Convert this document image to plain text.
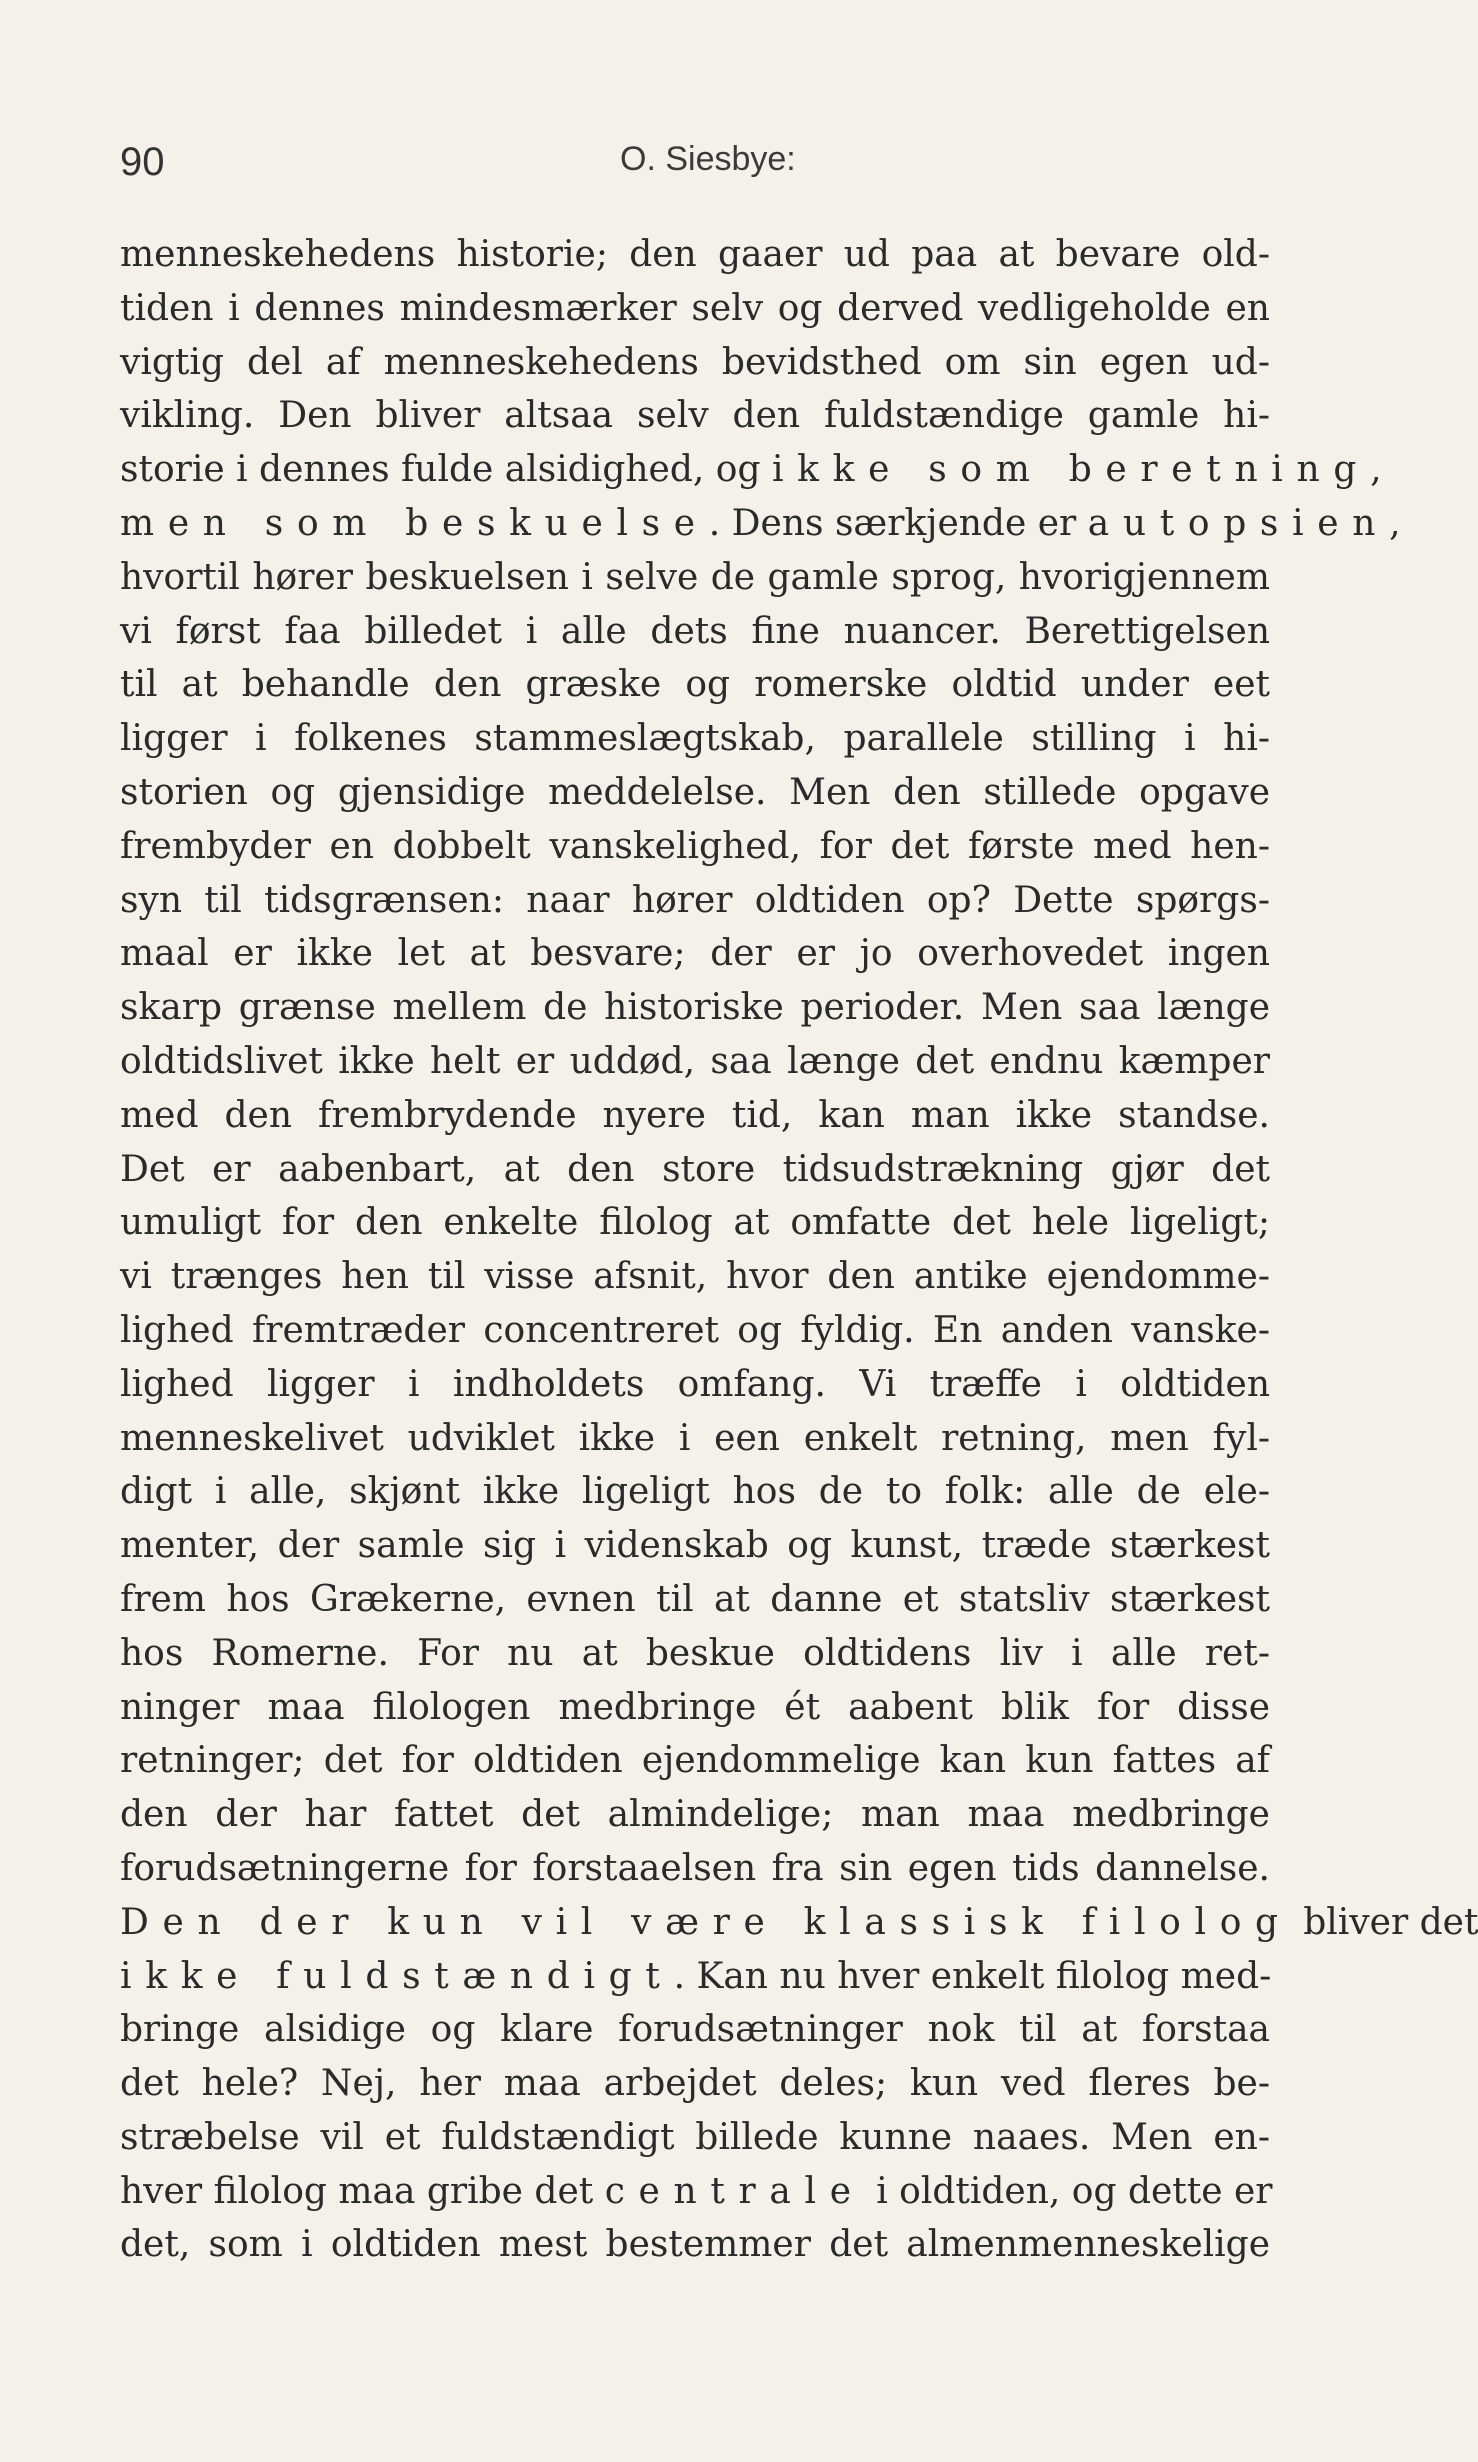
90	O. Siesbye:
menneskehedens historie; den gaaer ud paa at bevare old-
tiden i dennes mindesmærker selv og derved vedligeholde en
vigtig del af menneskehedens bevidsthed om sin egen ud-
vikling. Den bliver altsaa selv den fuldstændige gamle hi-
storie i dennes fulde alsidighed, og ikke som beretning,
men som beskuelse. Dens særkjende er autopsien,
hvortil hører beskuelsen i selve de gamle sprog, hvorigjennem
vi først faa billedet i alle dets fine nuancer. Berettigelsen
til at behandle den græske og romerske oldtid under eet
ligger i folkenes stammeslægtskab, parallele stilling i hi-
storien og gjensidige meddelelse. Men den stillede opgave
frembyder en dobbelt vanskelighed, for det første med hen-
syn til tidsgrænsen: naar hører oldtiden op? Dette spørgs-
maal er ikke let at besvare; der er jo overhovedet ingen
skarp grænse mellem de historiske perioder. Men saa længe
oldtidslivet ikke helt er uddød, saa længe det endnu kæmper
med den frembrydende nyere tid, kan man ikke standse.
Det er aabenbart, at den store tidsudstrækning gjør det
umuligt for den enkelte filolog at omfatte det hele ligeligt;
vi trænges hen til visse afsnit, hvor den antike ejendomme-
lighed fremtræder concentreret og fyldig. En anden vanske-
lighed ligger i indholdets omfang. Vi træffe i oldtiden
menneskelivet udviklet ikke i een enkelt retning, men fyl-
digt i alle, skjønt ikke ligeligt hos de to folk: alle de ele-
menter, der samle sig i videnskab og kunst, træde stærkest
frem hos Grækerne, evnen til at danne et statsliv stærkest
hos Romerne. For nu at beskue oldtidens liv i alle ret-
ninger maa filologen medbringe ét aabent blik for disse
retninger; det for oldtiden ejendommelige kan kun fattes af
den der har fattet det almindelige; man maa medbringe
forudsætningerne for forstaaelsen fra sin egen tids dannelse.
Den der kun vil være klassisk filolog bliver det
ikke fuldstændigt. Kan nu hver enkelt filolog med-
bringe alsidige og klare forudsætninger nok til at forstaa
det hele? Nej, her maa arbejdet deles; kun ved fleres be-
stræbelse vil et fuldstændigt billede kunne naaes. Men en-
hver filolog maa gribe det centrale i oldtiden, og dette er
det, som i oldtiden mest bestemmer det almenmenneskelige
